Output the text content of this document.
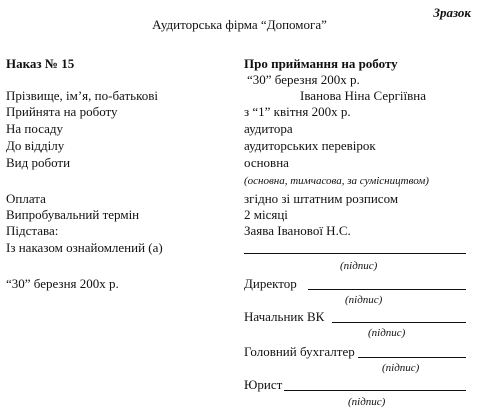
Зразок
Аудиторська фірма “Допомога”
Наказ № 15	Про приймання на роботу
“30” березня 200х р.
Прізвище, ім’я, по-батькові	Іванова Ніна Сергіївна
Прийнята на роботу	з “1” квітня 200х р.
На посаду	аудитора
До відділу	аудиторських перевірок
Вид роботи	основна
(основна, тимчасова, за сумісництвом)
Оплата	згідно зі штатним розписом
Випробувальний термін	2 місяці
Підстава:	Заява Іванової Н.С.
Із наказом ознайомлений (а)
(підпис)
“30” березня 200х р.	Директор
(підпис)
Начальник ВК
(підпис)
Головний бухгалтер
(підпис)
Юрист
(підпис)
